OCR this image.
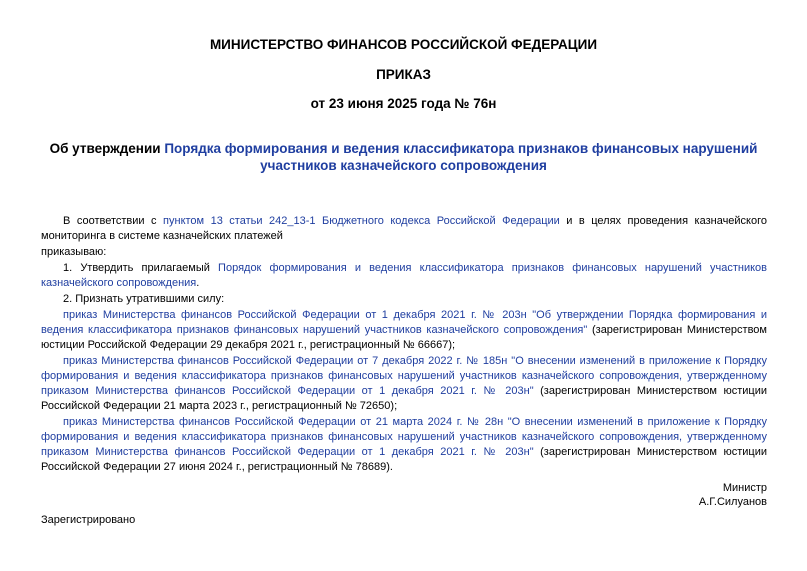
МИНИСТЕРСТВО ФИНАНСОВ РОССИЙСКОЙ ФЕДЕРАЦИИ
ПРИКАЗ
от 23 июня 2025 года № 76н
Об утверждении Порядка формирования и ведения классификатора признаков финансовых нарушений участников казначейского сопровождения

В соответствии с пунктом 13 статьи 242_13-1 Бюджетного кодекса Российской Федерации и в целях проведения казначейского мониторинга в системе казначейских платежей

приказываю:

1. Утвердить прилагаемый Порядок формирования и ведения классификатора признаков финансовых нарушений участников казначейского сопровождения.

2. Признать утратившими силу:

приказ Министерства финансов Российской Федерации от 1 декабря 2021 г. № 203н "Об утверждении Порядка формирования и ведения классификатора признаков финансовых нарушений участников казначейского сопровождения" (зарегистрирован Министерством юстиции Российской Федерации 29 декабря 2021 г., регистрационный № 66667);

приказ Министерства финансов Российской Федерации от 7 декабря 2022 г. № 185н "О внесении изменений в приложение к Порядку формирования и ведения классификатора признаков финансовых нарушений участников казначейского сопровождения, утвержденному приказом Министерства финансов Российской Федерации от 1 декабря 2021 г. № 203н" (зарегистрирован Министерством юстиции Российской Федерации 21 марта 2023 г., регистрационный № 72650);

приказ Министерства финансов Российской Федерации от 21 марта 2024 г. № 28н "О внесении изменений в приложение к Порядку формирования и ведения классификатора признаков финансовых нарушений участников казначейского сопровождения, утвержденному приказом Министерства финансов Российской Федерации от 1 декабря 2021 г. № 203н" (зарегистрирован Министерством юстиции Российской Федерации 27 июня 2024 г., регистрационный № 78689).

Министр
А.Г.Силуанов
Зарегистрировано
